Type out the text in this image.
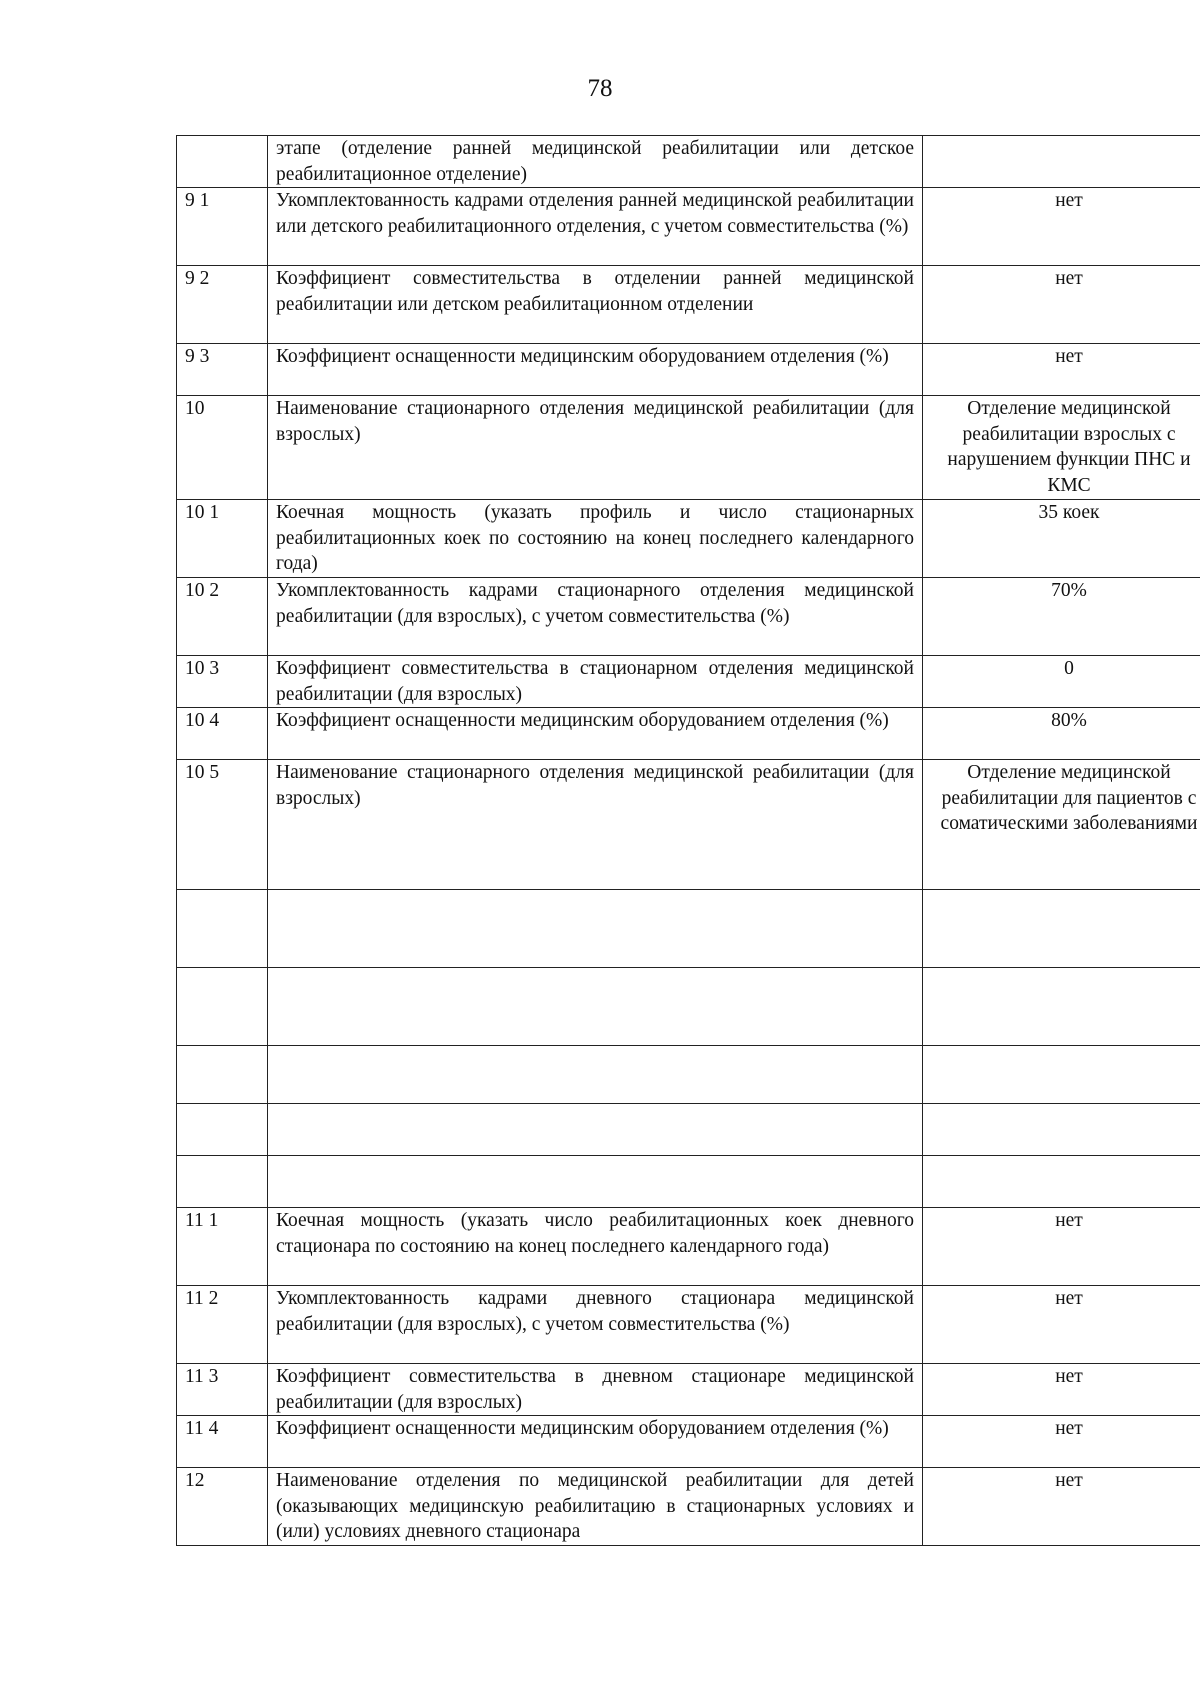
78

	этапе (отделение ранней медицинской реабилитации или детское реабилитационное отделение)	

9 1	Укомплектованность кадрами отделения ранней медицинской реабилитации или детского реабилитационного отделения, с учетом совместительства (%)	нет

9 2	Коэффициент совместительства в отделении ранней медицинской реабилитации или детском реабилитационном отделении	нет

9 3	Коэффициент оснащенности медицинским оборудованием отделения (%)	нет

10	Наименование стационарного отделения медицинской реабилитации (для взрослых)	Отделение медицинской реабилитации взрослых с нарушением функции ПНС и КМС

10 1	Коечная мощность (указать профиль и число стационарных реабилитационных коек по состоянию на конец последнего календарного года)	35 коек

10 2	Укомплектованность кадрами стационарного отделения медицинской реабилитации (для взрослых), с учетом совместительства (%)	70%

10 3	Коэффициент совместительства в стационарном отделения медицинской реабилитации (для взрослых)	0

10 4	Коэффициент оснащенности медицинским оборудованием отделения (%)	80%

10 5	Наименование стационарного отделения медицинской реабилитации (для взрослых)	Отделение медицинской реабилитации для пациентов с соматическими заболеваниями

11 1	Коечная мощность (указать число реабилитационных коек дневного стационара по состоянию на конец последнего календарного года)	нет

11 2	Укомплектованность кадрами дневного стационара медицинской реабилитации (для взрослых), с учетом совместительства (%)	нет

11 3	Коэффициент совместительства в дневном стационаре медицинской реабилитации (для взрослых)	нет

11 4	Коэффициент оснащенности медицинским оборудованием отделения (%)	нет

12	Наименование отделения по медицинской реабилитации для детей (оказывающих медицинскую реабилитацию в стационарных условиях и (или) условиях дневного стационара	нет
